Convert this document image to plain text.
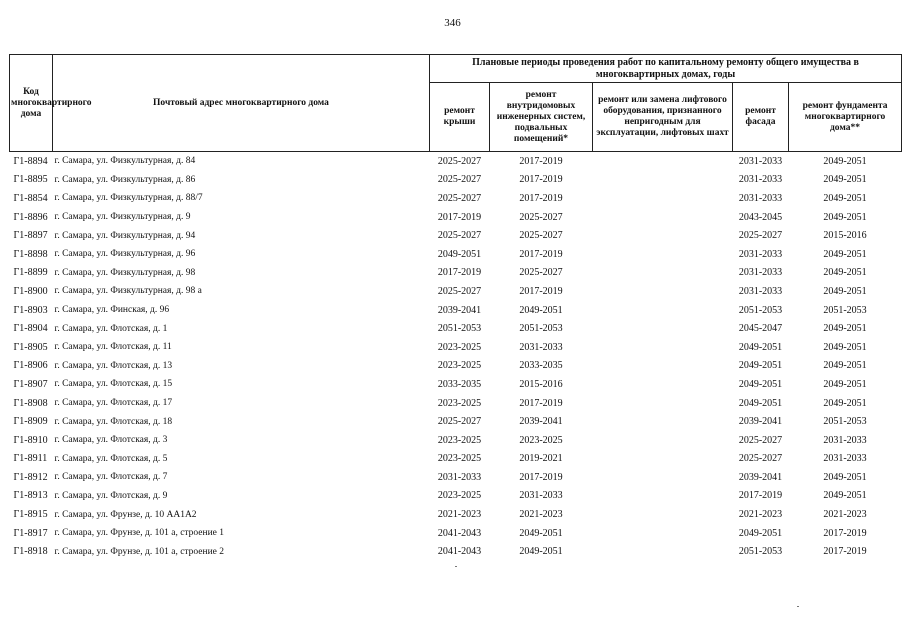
346
Код многоквартирного дома	Почтовый адрес многоквартирного дома	Плановые периоды проведения работ по капитальному ремонту общего имущества в многоквартирных домах, годы				
		ремонт крыши	ремонт внутридомовых инженерных систем, подвальных помещений*	ремонт или замена лифтового оборудования, признанного непригодным для эксплуатации, лифтовых шахт	ремонт фасада	ремонт фундамента многоквартирного дома**
Г1-8894	г. Самара, ул. Физкультурная, д. 84	2025-2027	2017-2019		2031-2033	2049-2051
Г1-8895	г. Самара, ул. Физкультурная, д. 86	2025-2027	2017-2019		2031-2033	2049-2051
Г1-8854	г. Самара, ул. Физкультурная, д. 88/7	2025-2027	2017-2019		2031-2033	2049-2051
Г1-8896	г. Самара, ул. Физкультурная, д. 9	2017-2019	2025-2027		2043-2045	2049-2051
Г1-8897	г. Самара, ул. Физкультурная, д. 94	2025-2027	2025-2027		2025-2027	2015-2016
Г1-8898	г. Самара, ул. Физкультурная, д. 96	2049-2051	2017-2019		2031-2033	2049-2051
Г1-8899	г. Самара, ул. Физкультурная, д. 98	2017-2019	2025-2027		2031-2033	2049-2051
Г1-8900	г. Самара, ул. Физкультурная, д. 98 а	2025-2027	2017-2019		2031-2033	2049-2051
Г1-8903	г. Самара, ул. Финская, д. 96	2039-2041	2049-2051		2051-2053	2051-2053
Г1-8904	г. Самара, ул. Флотская, д. 1	2051-2053	2051-2053		2045-2047	2049-2051
Г1-8905	г. Самара, ул. Флотская, д. 11	2023-2025	2031-2033		2049-2051	2049-2051
Г1-8906	г. Самара, ул. Флотская, д. 13	2023-2025	2033-2035		2049-2051	2049-2051
Г1-8907	г. Самара, ул. Флотская, д. 15	2033-2035	2015-2016		2049-2051	2049-2051
Г1-8908	г. Самара, ул. Флотская, д. 17	2023-2025	2017-2019		2049-2051	2049-2051
Г1-8909	г. Самара, ул. Флотская, д. 18	2025-2027	2039-2041		2039-2041	2051-2053
Г1-8910	г. Самара, ул. Флотская, д. 3	2023-2025	2023-2025		2025-2027	2031-2033
Г1-8911	г. Самара, ул. Флотская, д. 5	2023-2025	2019-2021		2025-2027	2031-2033
Г1-8912	г. Самара, ул. Флотская, д. 7	2031-2033	2017-2019		2039-2041	2049-2051
Г1-8913	г. Самара, ул. Флотская, д. 9	2023-2025	2031-2033		2017-2019	2049-2051
Г1-8915	г. Самара, ул. Фрунзе, д. 10 АА1А2	2021-2023	2021-2023		2021-2023	2021-2023
Г1-8917	г. Самара, ул. Фрунзе, д. 101 а, строение 1	2041-2043	2049-2051		2049-2051	2017-2019
Г1-8918	г. Самара, ул. Фрунзе, д. 101 а, строение 2	2041-2043	2049-2051		2051-2053	2017-2019
